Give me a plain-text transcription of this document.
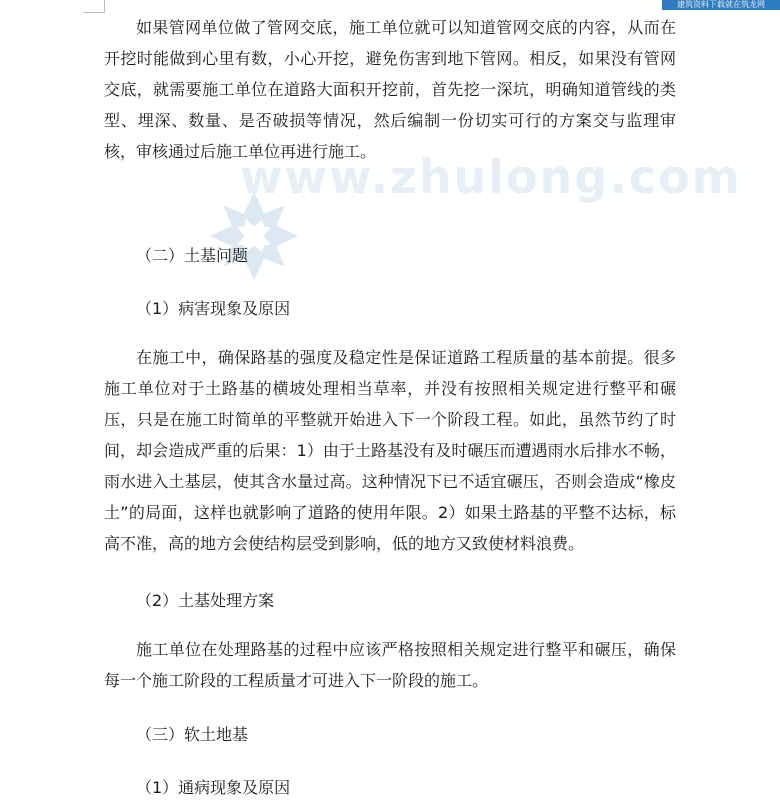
建筑资料下载就在筑龙网
www.zhulong.com

如果管网单位做了管网交底，施工单位就可以知道管网交底的内容，从而在开挖时能做到心里有数，小心开挖，避免伤害到地下管网。相反，如果没有管网交底，就需要施工单位在道路大面积开挖前，首先挖一深坑，明确知道管线的类型、埋深、数量、是否破损等情况，然后编制一份切实可行的方案交与监理审核，审核通过后施工单位再进行施工。

（二）土基问题
（1）病害现象及原因

在施工中，确保路基的强度及稳定性是保证道路工程质量的基本前提。很多施工单位对于土路基的横坡处理相当草率，并没有按照相关规定进行整平和碾压，只是在施工时简单的平整就开始进入下一个阶段工程。如此，虽然节约了时间，却会造成严重的后果：1）由于土路基没有及时碾压而遭遇雨水后排水不畅，雨水进入土基层，使其含水量过高。这种情况下已不适宜碾压，否则会造成“橡皮土”的局面，这样也就影响了道路的使用年限。2）如果土路基的平整不达标，标高不准，高的地方会使结构层受到影响，低的地方又致使材料浪费。

（2）土基处理方案

施工单位在处理路基的过程中应该严格按照相关规定进行整平和碾压，确保每一个施工阶段的工程质量才可进入下一阶段的施工。

（三）软土地基
（1）通病现象及原因
